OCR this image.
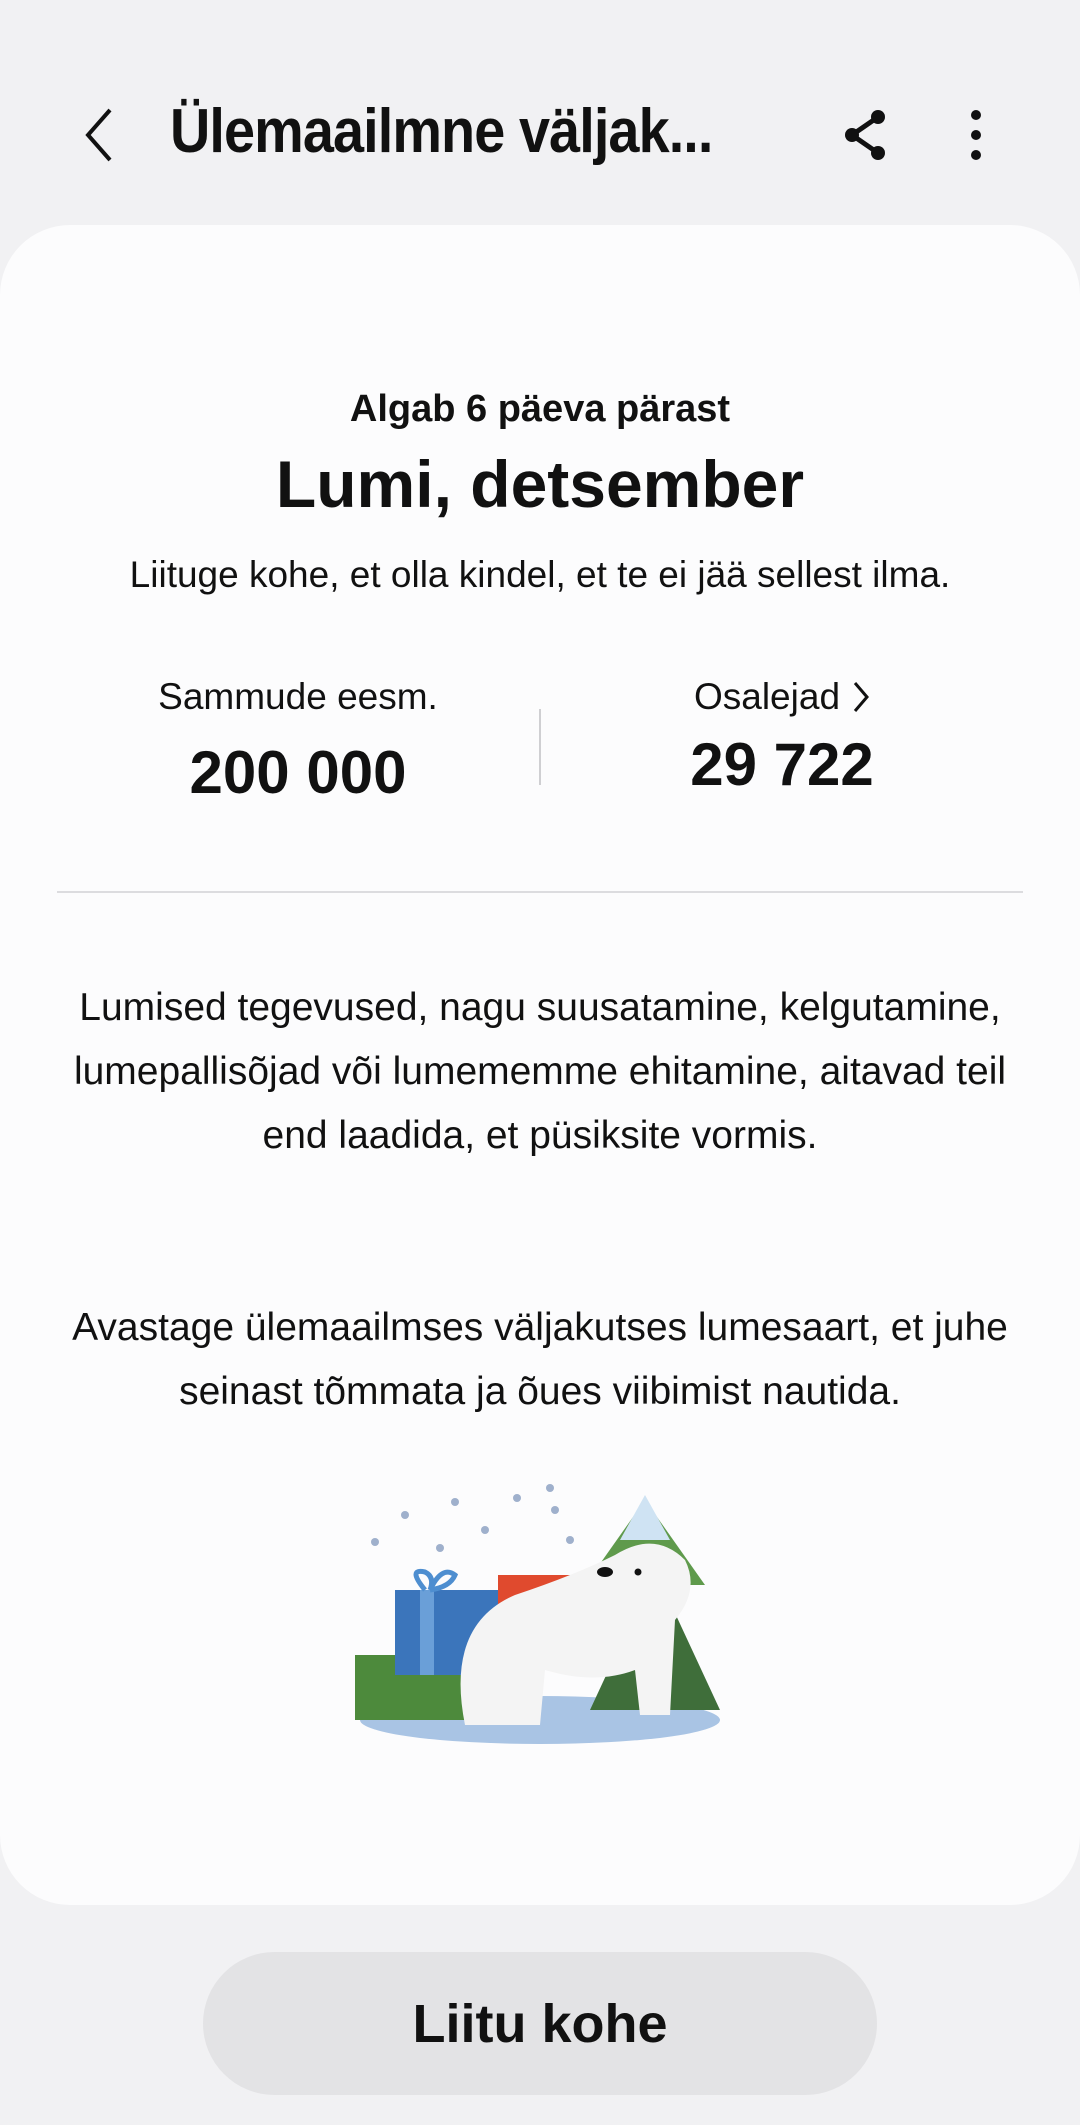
Ülemaailmne väljak...
Algab 6 päeva pärast
Lumi, detsember
Liituge kohe, et olla kindel, et te ei jää sellest ilma.
Sammude eesm.
200 000
Osalejad
29 722
Lumised tegevused, nagu suusatamine, kelgutamine, lumepallisõjad või lumememme ehitamine, aitavad teil end laadida, et püsiksite vormis.
Avastage ülemaailmses väljakutses lumesaart, et juhe seinast tõmmata ja õues viibimist nautida.
Liitu kohe
